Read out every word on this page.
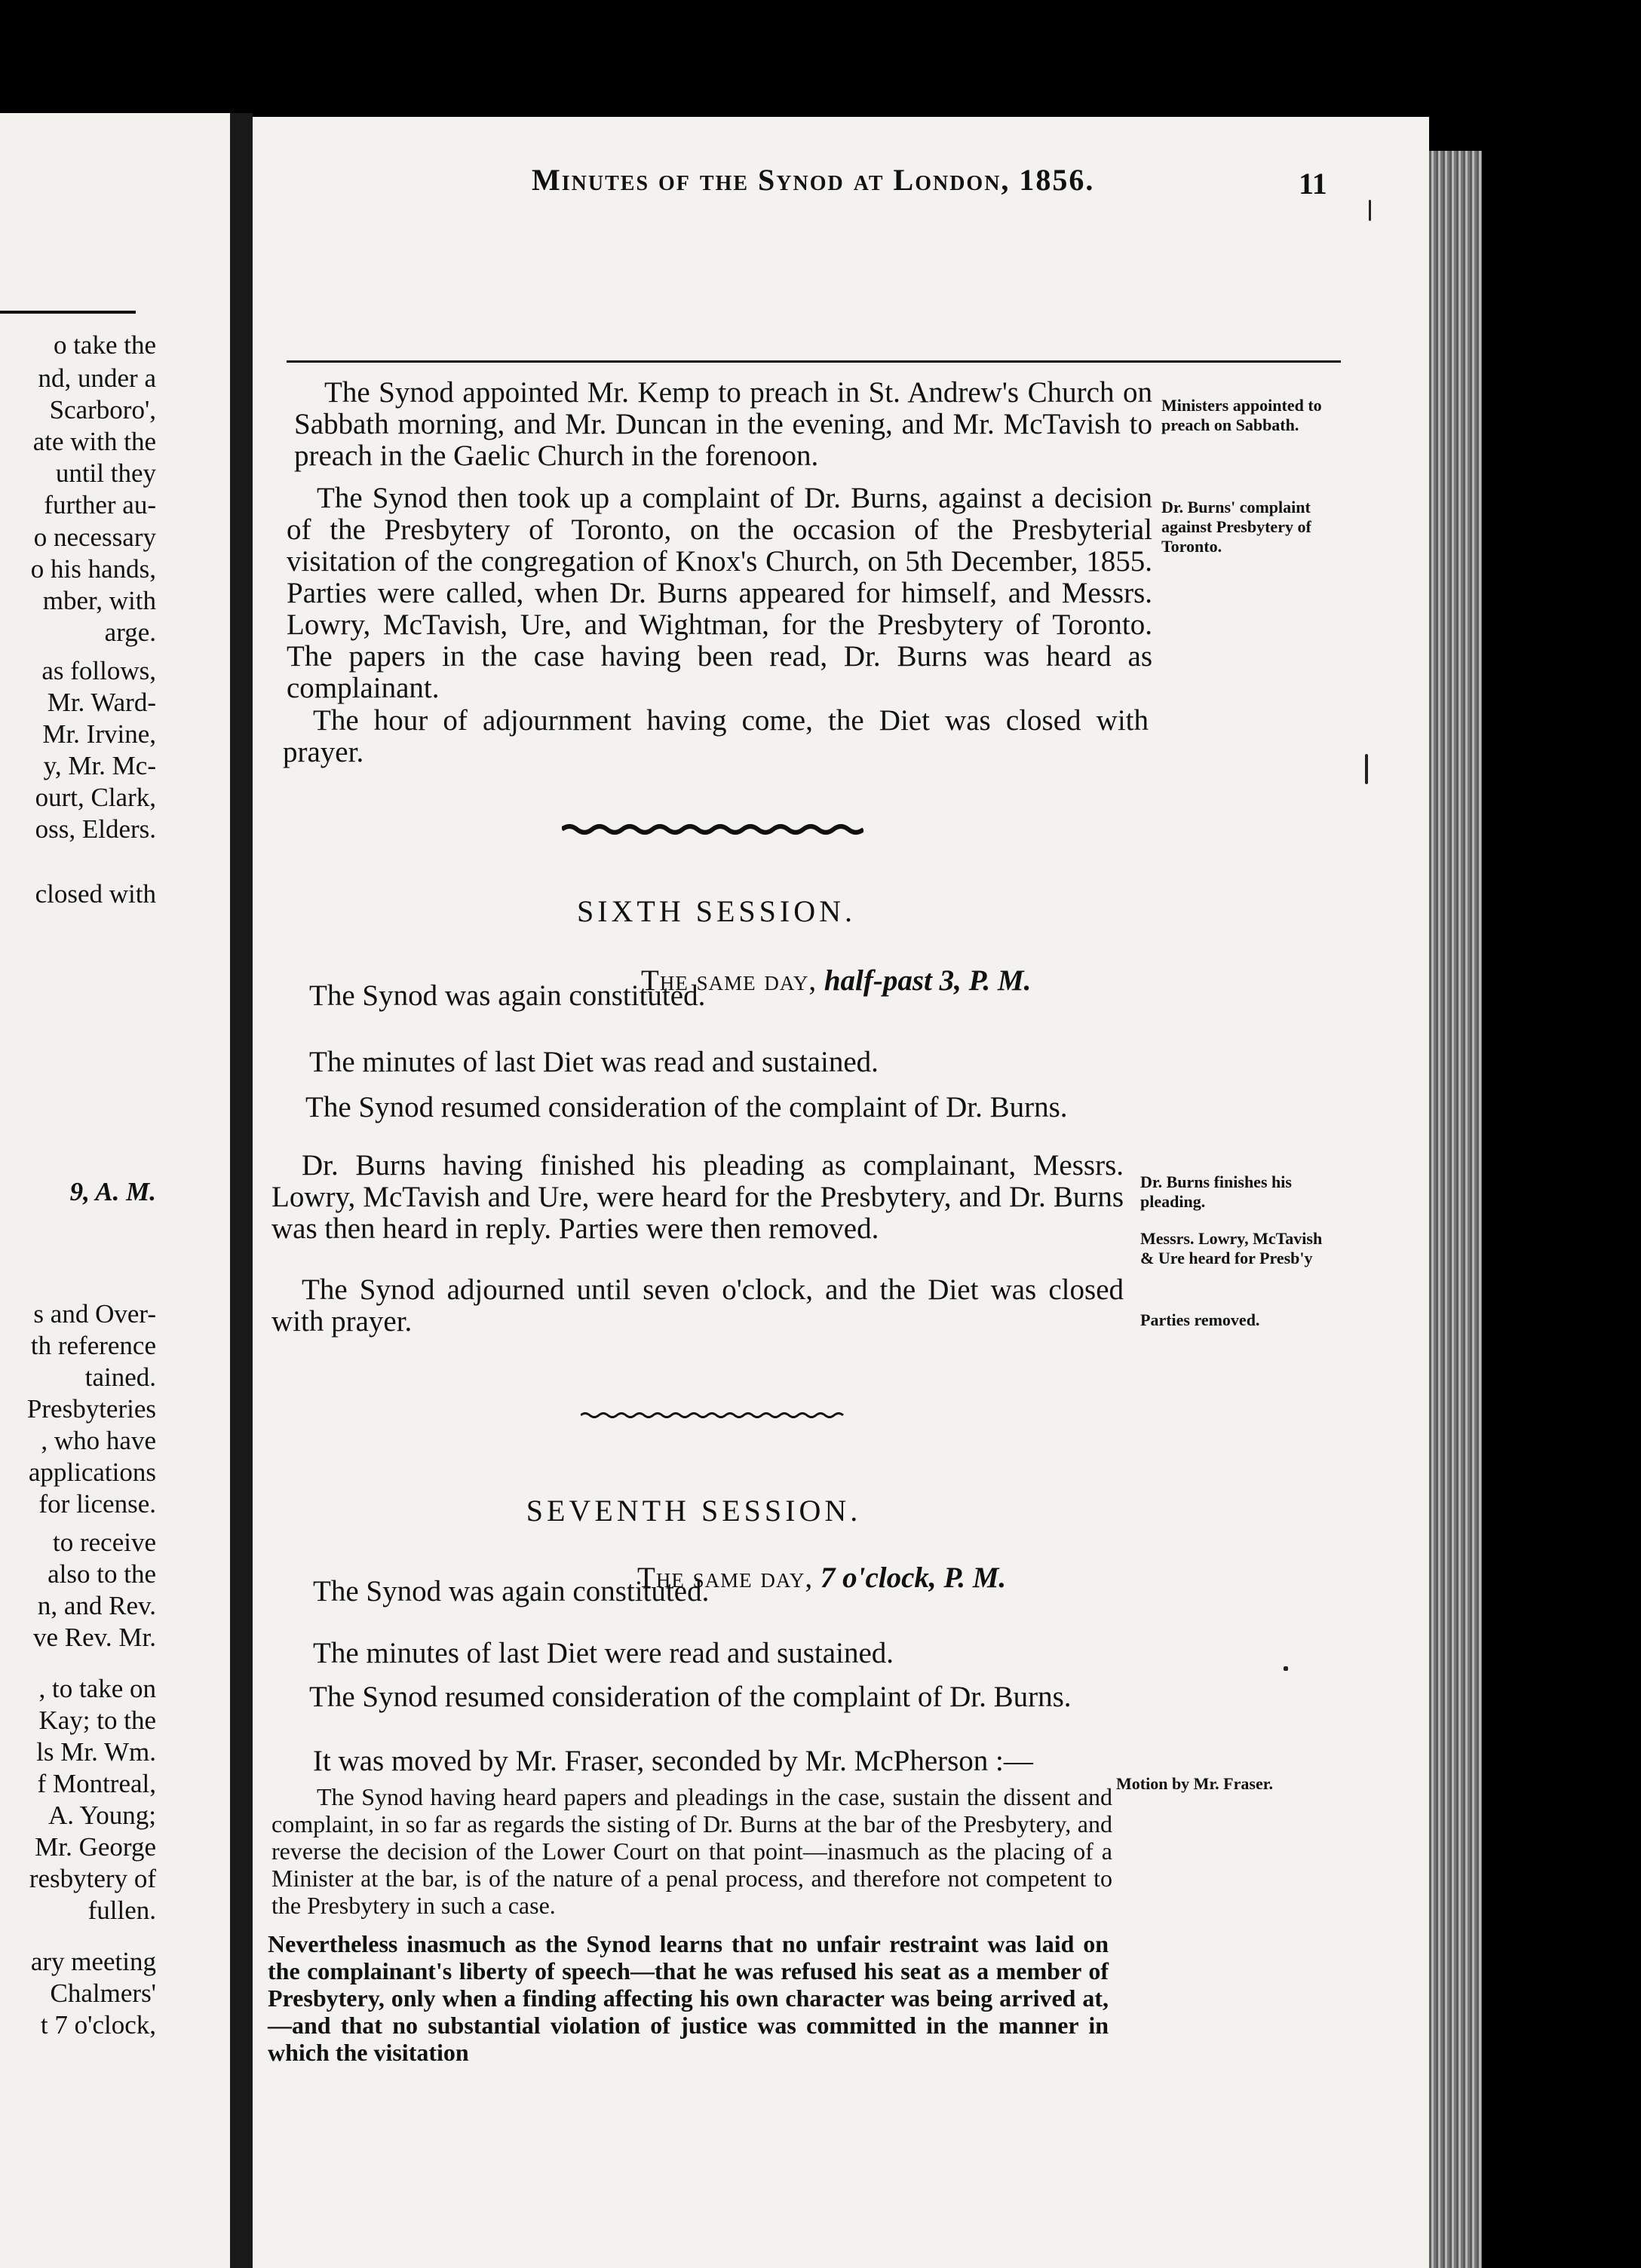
o take the
nd, under a
Scarboro',
ate with the
until they
further au-
o necessary
o his hands,
mber, with
arge.
as follows,
Mr. Ward-
Mr. Irvine,
y, Mr. Mc-
ourt, Clark,
oss, Elders.
closed with
9, A. M.
s and Over-
th reference
tained.
Presbyteries
, who have
applications
for license.
to receive
also to the
n, and Rev.
ve Rev. Mr.
, to take on
Kay; to the
ls Mr. Wm.
f Montreal,
A. Young;
Mr. George
resbytery of
fullen.
ary meeting
Chalmers'
t 7 o'clock,
Minutes of the Synod at London, 1856.	11

The Synod appointed Mr. Kemp to preach in St. Andrew's Church on Sabbath morning, and Mr. Duncan in the evening, and Mr. McTavish to preach in the Gaelic Church in the forenoon.

The Synod then took up a complaint of Dr. Burns, against a decision of the Presbytery of Toronto, on the occasion of the Presbyterial visitation of the congregation of Knox's Church, on 5th December, 1855. Parties were called, when Dr. Burns appeared for himself, and Messrs. Lowry, McTavish, Ure, and Wightman, for the Presbytery of Toronto. The papers in the case having been read, Dr. Burns was heard as complainant.

The hour of adjournment having come, the Diet was closed with prayer.

Ministers appointed to preach on Sabbath.
Dr. Burns' complaint against Presbytery of Toronto.
SIXTH SESSION.
The same day, half-past 3, P. M.

The Synod was again constituted.

The minutes of last Diet was read and sustained.

The Synod resumed consideration of the complaint of Dr. Burns.

Dr. Burns having finished his pleading as complainant, Messrs. Lowry, McTavish and Ure, were heard for the Presbytery, and Dr. Burns was then heard in reply. Parties were then removed.

The Synod adjourned until seven o'clock, and the Diet was closed with prayer.

Dr. Burns finishes his pleading.
Messrs. Lowry, McTavish & Ure heard for Presb'y
Parties removed.
SEVENTH SESSION.
The same day, 7 o'clock, P. M.

The Synod was again constituted.

The minutes of last Diet were read and sustained.

The Synod resumed consideration of the complaint of Dr. Burns.

It was moved by Mr. Fraser, seconded by Mr. McPherson :—

The Synod having heard papers and pleadings in the case, sustain the dissent and complaint, in so far as regards the sisting of Dr. Burns at the bar of the Presbytery, and reverse the decision of the Lower Court on that point—inasmuch as the placing of a Minister at the bar, is of the nature of a penal process, and therefore not competent to the Presbytery in such a case.

Nevertheless inasmuch as the Synod learns that no unfair restraint was laid on the complainant's liberty of speech—that he was refused his seat as a member of Presbytery, only when a finding affecting his own character was being arrived at,—and that no substantial violation of justice was committed in the manner in which the visitation

Motion by Mr. Fraser.
